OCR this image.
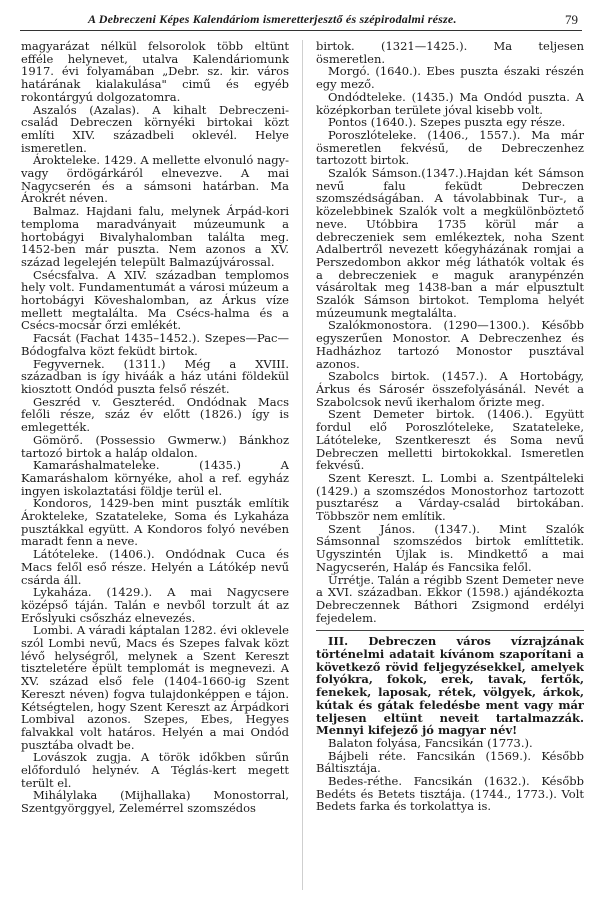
A Debreczeni Képes Kalendáriom ismeretterjesztő és szépirodalmi része.	79

magyarázat nélkül felsorolok több eltünt efféle helynevet, utalva Kalendáriomunk 1917. évi folyamában „Debr. sz. kir. város határának kialakulása" cimű és egyéb rokontárgyú dolgozatomra.

Aszalós (Azalas). A kihalt Debreczeni-család Debreczen környéki birtokai közt említi XIV. századbeli oklevél. Helye ismeretlen.

Árokteleke. 1429. A mellette elvonuló nagy- vagy ördögárkáról elnevezve. A mai Nagycserén és a sámsoni határban. Ma Árokrét néven.

Balmaz. Hajdani falu, melynek Árpád-kori temploma maradványait múzeumunk a hortobágyi Bivalyhalomban találta meg. 1452-ben már puszta. Nem azonos a XV. század legelején települt Balmazújvárossal.

Csécsfalva. A XIV. században templomos hely volt. Fundamentumát a városi múzeum a hortobágyi Köveshalomban, az Árkus víze mellett megtalálta. Ma Csécs-halma és a Csécs-mocsár őrzi emlékét.

Facsát (Fachat 1435–1452.). Szepes—Pac—Bódogfalva közt feküdt birtok.

Fegyvernek. (1311.) Még a XVIII. században is így hiváák a ház utáni földekül kiosztott Ondód puszta felső részét.

Geszréd v. Geszteréd. Ondódnak Macs felőli része, száz év előtt (1826.) így is emlegették.

Gömörő. (Possessio Gwmerw.) Bánkhoz tartozó birtok a haláp oldalon.

Kamaráshalmateleke. (1435.) A Kamaráshalom környéke, ahol a ref. egyház ingyen iskolaztatási földje terül el.

Kondoros, 1429-ben mint puszták említik Árokteleke, Szatateleke, Soma és Lykaháza pusztákkal együtt. A Kondoros folyó nevében maradt fenn a neve.

Látóteleke. (1406.). Ondódnak Cuca és Macs felől eső része. Helyén a Látókép nevű csárda áll.

Lykaháza. (1429.). A mai Nagycsere középső táján. Talán e nevből torzult át az Erőslyuki csőszház elnevezés.

Lombi. A váradi káptalan 1282. évi oklevele szól Lombi nevű, Macs és Szepes falvak közt lévő helységről, melynek a Szent Kereszt tiszteletére épült templomát is megnevezi. A XV. század első fele (1404-1660-ig Szent Kereszt néven) fogva tulajdonképpen e tájon. Kétségtelen, hogy Szent Kereszt az Árpádkori Lombival azonos. Szepes, Ebes, Hegyes falvakkal volt határos. Helyén a mai Ondód pusztába olvadt be.

Lovászok zugja. A török időkben sűrűn előforduló helynév. A Téglás-kert megett terült el.

Mihálylaka (Mijhallaka) Monostorral, Szentgyörggyel, Zelemérrel szomszédos

birtok. (1321—1425.). Ma teljesen ösmeretlen.

Morgó. (1640.). Ebes puszta északi részén egy mező.

Ondódteleke. (1435.) Ma Ondód puszta. A középkorban területe jóval kisebb volt.

Pontos (1640.). Szepes puszta egy része.

Poroszlóteleke. (1406., 1557.). Ma már ösmeretlen fekvésű, de Debreczenhez tartozott birtok.

Szalók Sámson.(1347.).Hajdan két Sámson nevű falu feküdt Debreczen szomszédságában. A távolabbinak Tur-, a közelebbinek Szalók volt a megkülönböztető neve. Utóbbira 1735 körül már a debreczeniek sem emlékeztek, noha Szent Adalbertről nevezett kőegyházának romjai a Perszedombon akkor még láthatók voltak és a debreczeniek e maguk aranypénzén vásároltak meg 1438-ban a már elpusztult Szalók Sámson birtokot. Temploma helyét múzeumunk megtalálta.

Szalókmonostora. (1290—1300.). Később egyszerűen Monostor. A Debreczenhez és Hadházhoz tartozó Monostor pusztával azonos.

Szabolcs birtok. (1457.). A Hortobágy, Árkus és Sárosér összefolyásánál. Nevét a Szabolcsok nevű ikerhalom őrizte meg.

Szent Demeter birtok. (1406.). Együtt fordul elő Poroszlóteleke, Szatateleke, Látóteleke, Szentkereszt és Soma nevű Debreczen melletti birtokokkal. Ismeretlen fekvésű.

Szent Kereszt. L. Lombi a. Szentpálteleki (1429.) a szomszédos Monostorhoz tartozott pusztarész a Várday-család birtokában. Többször nem említik.

Szent János. (1347.). Mint Szalók Sámsonnal szomszédos birtok említtetik. Ugyszintén Újlak is. Mindkettő a mai Nagycserén, Haláp és Fancsika felől.

Ürrétje. Talán a régibb Szent Demeter neve a XVI. században. Ekkor (1598.) ajándékozta Debreczennek Báthori Zsigmond erdélyi fejedelem.

III. Debreczen város vízrajzának történelmi adatait kívánom szaporítani a következő rövid feljegyzésekkel, amelyek folyókra, fokok, erek, tavak, fertők, fenekek, laposak, rétek, völgyek, árkok, kútak és gátak feledésbe ment vagy már teljesen eltünt neveit tartalmazzák. Mennyi kifejező jó magyar név!

Balaton folyása, Fancsikán (1773.).

Bájbeli réte. Fancsikán (1569.). Később Báltisztája.

Bedes-réthe. Fancsikán (1632.). Később Bedéts és Betets tisztája. (1744., 1773.). Volt Bedets farka és torkolattya is.
